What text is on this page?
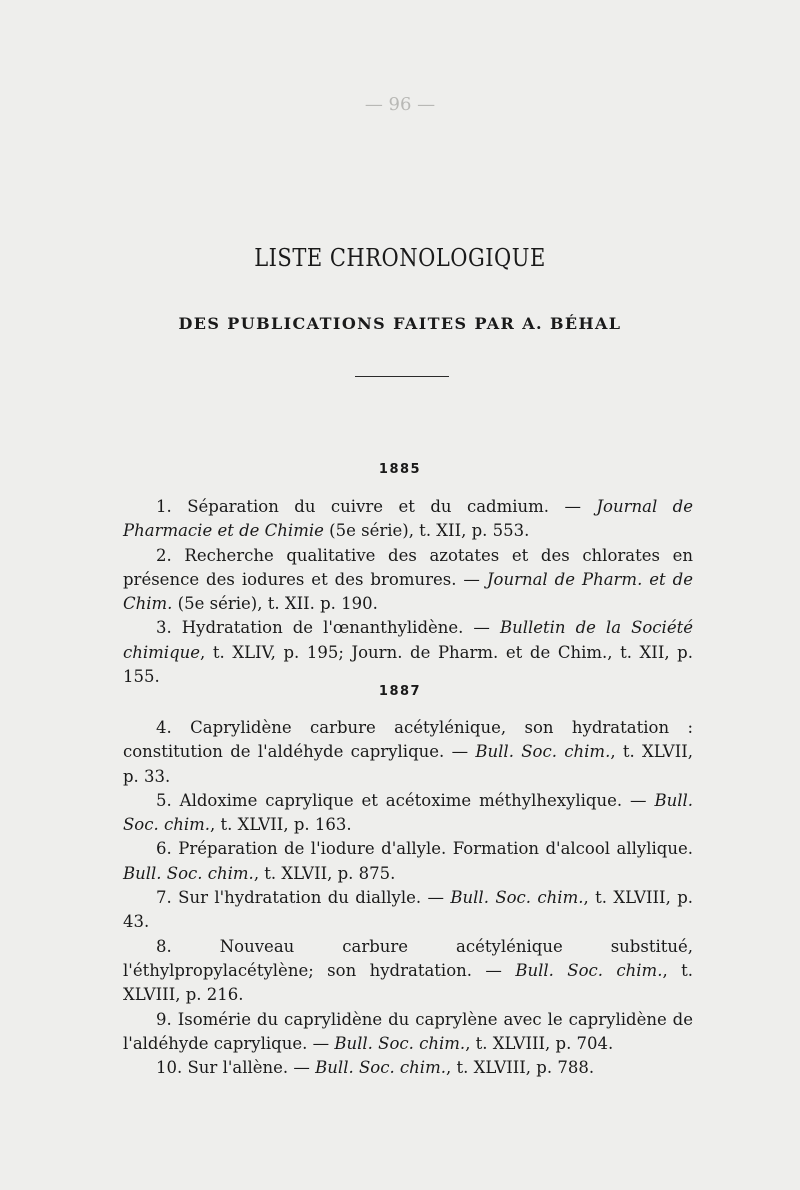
— 96 —
LISTE CHRONOLOGIQUE
DES PUBLICATIONS FAITES PAR A. BÉHAL
1885

1. Séparation du cuivre et du cadmium. — Journal de Pharmacie et de Chimie (5e série), t. XII, p. 553.

2. Recherche qualitative des azotates et des chlorates en présence des iodures et des bromures. — Journal de Pharm. et de Chim. (5e série), t. XII. p. 190.

3. Hydratation de l'œnanthylidène. — Bulletin de la Société chimique, t. XLIV, p. 195; Journ. de Pharm. et de Chim., t. XII, p. 155.

1887

4. Caprylidène carbure acétylénique, son hydratation : constitution de l'aldéhyde caprylique. — Bull. Soc. chim., t. XLVII, p. 33.

5. Aldoxime caprylique et acétoxime méthylhexylique. — Bull. Soc. chim., t. XLVII, p. 163.

6. Préparation de l'iodure d'allyle. Formation d'alcool allylique. Bull. Soc. chim., t. XLVII, p. 875.

7. Sur l'hydratation du diallyle. — Bull. Soc. chim., t. XLVIII, p. 43.

8.	Nouveau carbure acétylénique substitué, l'éthylpropylacétylène; son hydratation. — Bull. Soc. chim., t. XLVIII, p. 216.

9. Isomérie du caprylidène du caprylène avec le caprylidène de l'aldéhyde caprylique. — Bull. Soc. chim., t. XLVIII, p. 704.

10. Sur l'allène. — Bull. Soc. chim., t. XLVIII, p. 788.
